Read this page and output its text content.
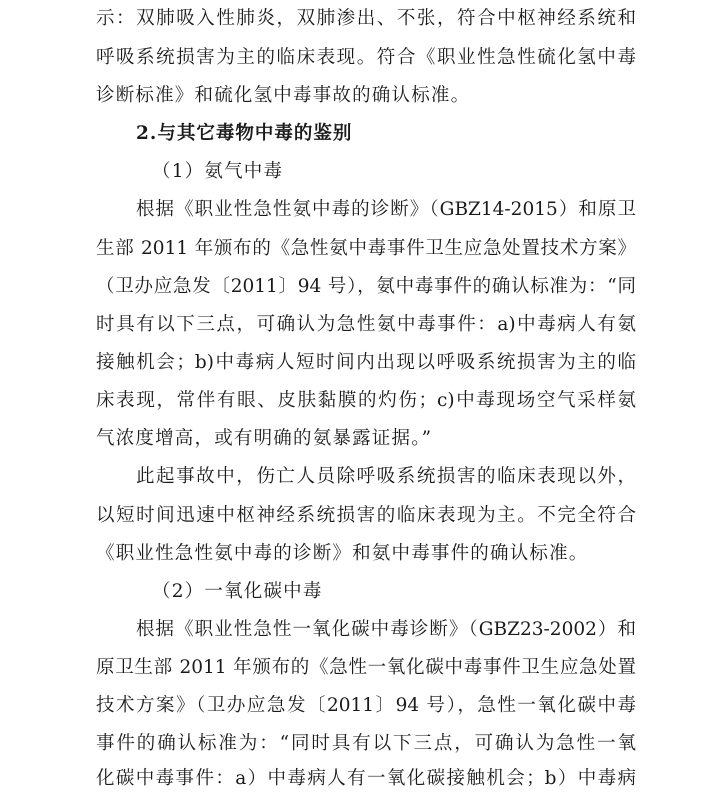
示：双肺吸入性肺炎，双肺渗出、不张，符合中枢神经系统和
呼吸系统损害为主的临床表现。符合《职业性急性硫化氢中毒
诊断标准》和硫化氢中毒事故的确认标准。
2.与其它毒物中毒的鉴别
（1）氨气中毒
根据《职业性急性氨中毒的诊断》（GBZ14-2015）和原卫
生部 2011 年颁布的《急性氨中毒事件卫生应急处置技术方案》
（卫办应急发〔2011〕94 号），氨中毒事件的确认标准为：“同
时具有以下三点，可确认为急性氨中毒事件：a)中毒病人有氨
接触机会；b)中毒病人短时间内出现以呼吸系统损害为主的临
床表现，常伴有眼、皮肤黏膜的灼伤；c)中毒现场空气采样氨
气浓度增高，或有明确的氨暴露证据。”
此起事故中，伤亡人员除呼吸系统损害的临床表现以外，
以短时间迅速中枢神经系统损害的临床表现为主。不完全符合
《职业性急性氨中毒的诊断》和氨中毒事件的确认标准。
（2）一氧化碳中毒
根据《职业性急性一氧化碳中毒诊断》（GBZ23-2002）和
原卫生部 2011 年颁布的《急性一氧化碳中毒事件卫生应急处置
技术方案》（卫办应急发〔2011〕94 号），急性一氧化碳中毒
事件的确认标准为：“同时具有以下三点，可确认为急性一氧
化碳中毒事件：a）中毒病人有一氧化碳接触机会；b）中毒病
